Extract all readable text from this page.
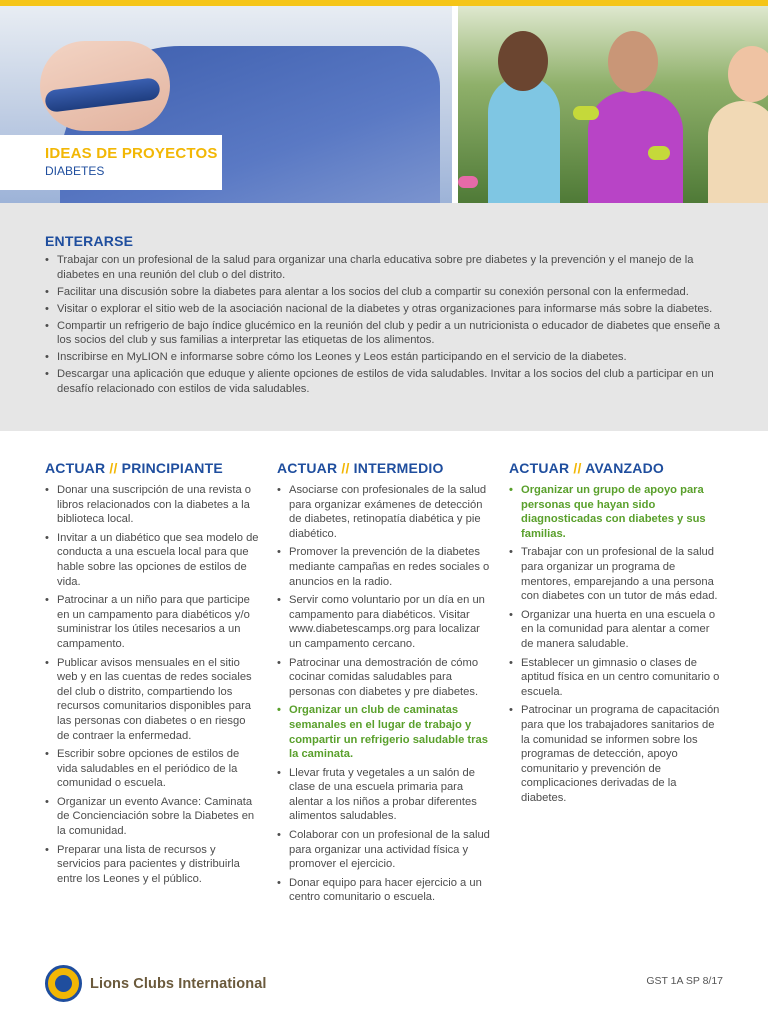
IDEAS DE PROYECTOS
DIABETES
ENTERARSE
• Trabajar con un profesional de la salud para organizar una charla educativa sobre pre diabetes y la prevención y el manejo de la diabetes en una reunión del club o del distrito.
• Facilitar una discusión sobre la diabetes para alentar a los socios del club a compartir su conexión personal con la enfermedad.
• Visitar o explorar el sitio web de la asociación nacional de la diabetes y otras organizaciones para informarse más sobre la diabetes.
• Compartir un refrigerio de bajo índice glucémico en la reunión del club y pedir a un nutricionista o educador de diabetes que enseñe a los socios del club y sus familias a interpretar las etiquetas de los alimentos.
• Inscribirse en MyLION e informarse sobre cómo los Leones y Leos están participando en el servicio de la diabetes.
• Descargar una aplicación que eduque y aliente opciones de estilos de vida saludables. Invitar a los socios del club a participar en un desafío relacionado con estilos de vida saludables.
ACTUAR // PRINCIPIANTE
• Donar una suscripción de una revista o libros relacionados con la diabetes a la biblioteca local.
• Invitar a un diabético que sea modelo de conducta a una escuela local para que hable sobre las opciones de estilos de vida.
• Patrocinar a un niño para que participe en un campamento para diabéticos y/o suministrar los útiles necesarios a un campamento.
• Publicar avisos mensuales en el sitio web y en las cuentas de redes sociales del club o distrito, compartiendo los recursos comunitarios disponibles para las personas con diabetes o en riesgo de contraer la enfermedad.
• Escribir sobre opciones de estilos de vida saludables en el periódico de la comunidad o escuela.
• Organizar un evento Avance: Caminata de Concienciación sobre la Diabetes en la comunidad.
• Preparar una lista de recursos y servicios para pacientes y distribuirla entre los Leones y el público.
ACTUAR // INTERMEDIO
• Asociarse con profesionales de la salud para organizar exámenes de detección de diabetes, retinopatía diabética y pie diabético.
• Promover la prevención de la diabetes mediante campañas en redes sociales o anuncios en la radio.
• Servir como voluntario por un día en un campamento para diabéticos. Visitar www.diabetescamps.org para localizar un campamento cercano.
• Patrocinar una demostración de cómo cocinar comidas saludables para personas con diabetes y pre diabetes.
• Organizar un club de caminatas semanales en el lugar de trabajo y compartir un refrigerio saludable tras la caminata.
• Llevar fruta y vegetales a un salón de clase de una escuela primaria para alentar a los niños a probar diferentes alimentos saludables.
• Colaborar con un profesional de la salud para organizar una actividad física y promover el ejercicio.
• Donar equipo para hacer ejercicio a un centro comunitario o escuela.
ACTUAR // AVANZADO
• Organizar un grupo de apoyo para personas que hayan sido diagnosticadas con diabetes y sus familias.
• Trabajar con un profesional de la salud para organizar un programa de mentores, emparejando a una persona con diabetes con un tutor de más edad.
• Organizar una huerta en una escuela o en la comunidad para alentar a comer de manera saludable.
• Establecer un gimnasio o clases de aptitud física en un centro comunitario o escuela.
• Patrocinar un programa de capacitación para que los trabajadores sanitarios de la comunidad se informen sobre los programas de detección, apoyo comunitario y prevención de complicaciones derivadas de la diabetes.
Lions Clubs International	GST 1A SP 8/17
